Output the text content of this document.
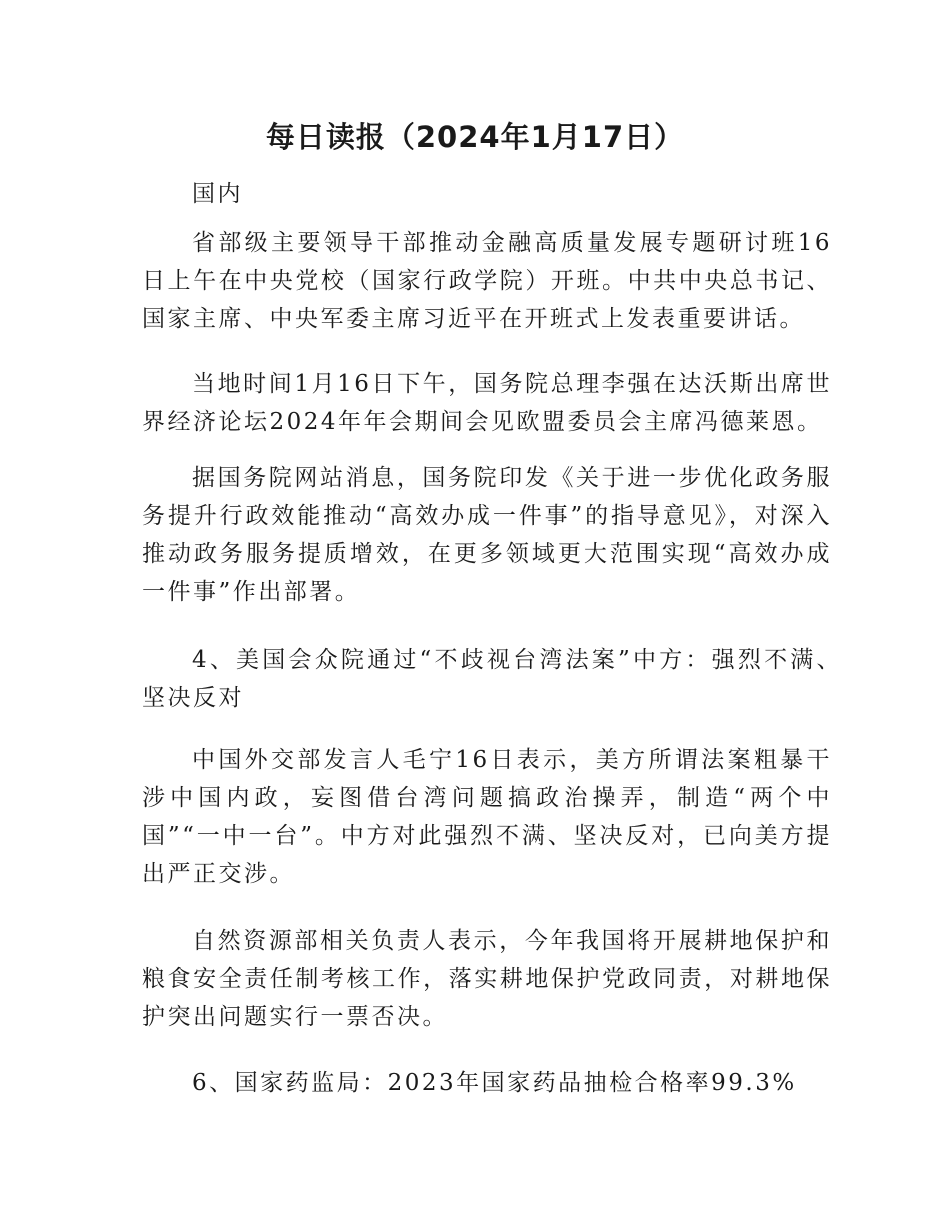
每日读报（2024年1月17日）

国内

省部级主要领导干部推动金融高质量发展专题研讨班16日上午在中央党校（国家行政学院）开班。中共中央总书记、国家主席、中央军委主席习近平在开班式上发表重要讲话。

当地时间1月16日下午，国务院总理李强在达沃斯出席世界经济论坛2024年年会期间会见欧盟委员会主席冯德莱恩。

据国务院网站消息，国务院印发《关于进一步优化政务服务提升行政效能推动“高效办成一件事”的指导意见》，对深入推动政务服务提质增效，在更多领域更大范围实现“高效办成一件事”作出部署。

4、美国会众院通过“不歧视台湾法案”中方：强烈不满、坚决反对

中国外交部发言人毛宁16日表示，美方所谓法案粗暴干涉中国内政，妄图借台湾问题搞政治操弄，制造“两个中国”“一中一台”。中方对此强烈不满、坚决反对，已向美方提出严正交涉。

自然资源部相关负责人表示，今年我国将开展耕地保护和粮食安全责任制考核工作，落实耕地保护党政同责，对耕地保护突出问题实行一票否决。

6、国家药监局：2023年国家药品抽检合格率99.3%
